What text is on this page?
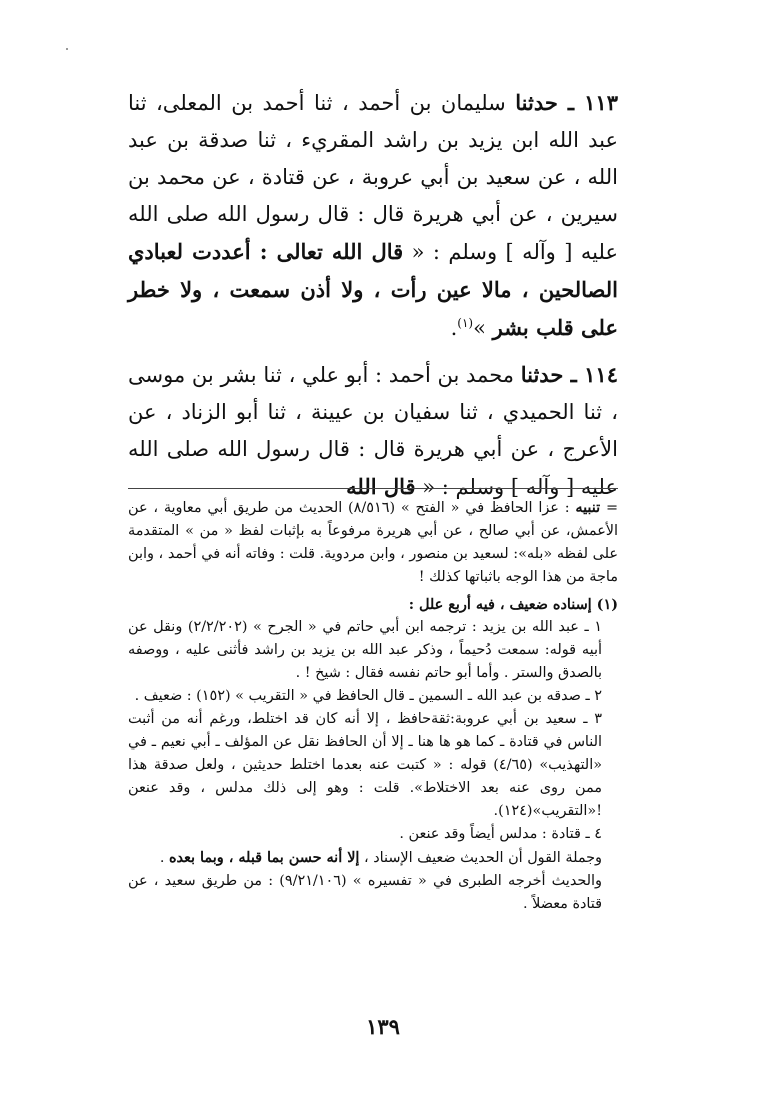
١١٣ ـ حدثنا سليمان بن أحمد ، ثنا أحمد بن المعلى، ثنا عبد الله ابن يزيد بن راشد المقريء ، ثنا صدقة بن عبد الله ، عن سعيد بن أبي عروبة ، عن قتادة ، عن محمد بن سيرين ، عن أبي هريرة قال : قال رسول الله صلى الله عليه [ وآله ] وسلم : « قال الله تعالى : أعددت لعبادي الصالحين ، مالا عين رأت ، ولا أذن سمعت ، ولا خطر على قلب بشر »$^{(١)}$.

١١٤ ـ حدثنا محمد بن أحمد : أبو علي ، ثنا بشر بن موسى ، ثنا الحميدي ، ثنا سفيان بن عيينة ، ثنا أبو الزناد ، عن الأعرج ، عن أبي هريرة قال : قال رسول الله صلى الله عليه [ وآله ] وسلم : « قال الله

= تنبيه : عزا الحافظ في « الفتح » (٨/٥١٦) الحديث من طريق أبي معاوية ، عن الأعمش، عن أبي صالح ، عن أبي هريرة مرفوعاً به بإثبات لفظ « من » المتقدمة على لفظه «بله»: لسعيد بن منصور ، وابن مردوية. قلت : وفاته أنه في أحمد ، وابن ماجة من هذا الوجه باثباتها كذلك !

(١) إسناده ضعيف ، فيه أربع علل :

١ ـ عبد الله بن يزيد : ترجمه ابن أبي حاتم في « الجرح » (٢/٢/٢٠٢) ونقل عن أبيه قوله: سمعت دُحيماً ، وذكر عبد الله بن يزيد بن راشد فأثنى عليه ، ووصفه بالصدق والستر . وأما أبو حاتم نفسه فقال : شيخ ! .

٢ ـ صدقه بن عبد الله ـ السمين ـ قال الحافظ في « التقريب » (١٥٢) : ضعيف .

٣ ـ سعيد بن أبي عروبة:ثقةحافظ ، إلا أنه كان قد اختلط، ورغم أنه من أثبت الناس في قتادة ـ كما هو ها هنا ـ إلا أن الحافظ نقل عن المؤلف ـ أبي نعيم ـ في «التهذيب» (٤/٦٥) قوله : « كتبت عنه بعدما اختلط حديثين ، ولعل صدقة هذا ممن روى عنه بعد الاختلاط». قلت : وهو إلى ذلك مدلس ، وقد عنعن !«التقريب»(١٢٤).

٤ ـ قتادة : مدلس أيضاً وقد عنعن .

وجملة القول أن الحديث ضعيف الإسناد ، إلا أنه حسن بما قبله ، وبما بعده .

والحديث أخرجه الطبرى في « تفسيره » (٩/٢١/١٠٦) : من طريق سعيد ، عن قتادة معضلاً .

١٣٩
